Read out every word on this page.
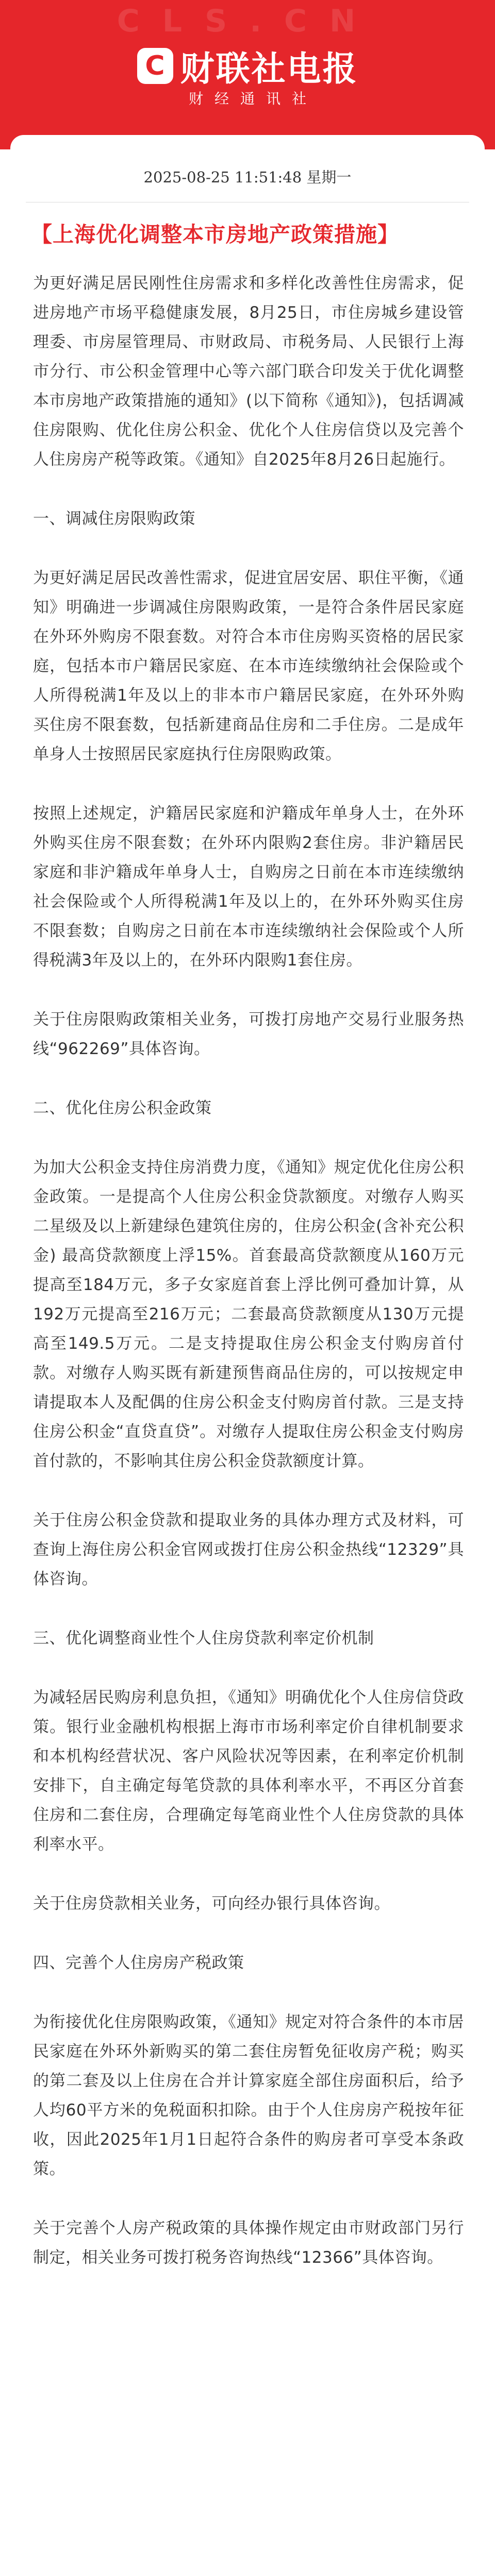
CLS.CN
C 财联社电报
财经通讯社
2025-08-25 11:51:48 星期一
【上海优化调整本市房地产政策措施】

为更好满足居民刚性住房需求和多样化改善性住房需求，促进房地产市场平稳健康发展，8月25日，市住房城乡建设管理委、市房屋管理局、市财政局、市税务局、人民银行上海市分行、市公积金管理中心等六部门联合印发关于优化调整本市房地产政策措施的通知》(以下简称《通知》)，包括调减住房限购、优化住房公积金、优化个人住房信贷以及完善个人住房房产税等政策。《通知》自2025年8月26日起施行。

一、调减住房限购政策

为更好满足居民改善性需求，促进宜居安居、职住平衡，《通知》明确进一步调减住房限购政策，一是符合条件居民家庭在外环外购房不限套数。对符合本市住房购买资格的居民家庭，包括本市户籍居民家庭、在本市连续缴纳社会保险或个人所得税满1年及以上的非本市户籍居民家庭，在外环外购买住房不限套数，包括新建商品住房和二手住房。二是成年单身人士按照居民家庭执行住房限购政策。

按照上述规定，沪籍居民家庭和沪籍成年单身人士，在外环外购买住房不限套数；在外环内限购2套住房。非沪籍居民家庭和非沪籍成年单身人士，自购房之日前在本市连续缴纳社会保险或个人所得税满1年及以上的，在外环外购买住房不限套数；自购房之日前在本市连续缴纳社会保险或个人所得税满3年及以上的，在外环内限购1套住房。

关于住房限购政策相关业务，可拨打房地产交易行业服务热线“962269”具体咨询。

二、优化住房公积金政策

为加大公积金支持住房消费力度，《通知》规定优化住房公积金政策。一是提高个人住房公积金贷款额度。对缴存人购买二星级及以上新建绿色建筑住房的，住房公积金(含补充公积金) 最高贷款额度上浮15%。首套最高贷款额度从160万元提高至184万元，多子女家庭首套上浮比例可叠加计算，从192万元提高至216万元；二套最高贷款额度从130万元提高至149.5万元。二是支持提取住房公积金支付购房首付款。对缴存人购买既有新建预售商品住房的，可以按规定申请提取本人及配偶的住房公积金支付购房首付款。三是支持住房公积金“直贷直贷”。对缴存人提取住房公积金支付购房首付款的，不影响其住房公积金贷款额度计算。

关于住房公积金贷款和提取业务的具体办理方式及材料，可查询上海住房公积金官网或拨打住房公积金热线“12329”具体咨询。

三、优化调整商业性个人住房贷款利率定价机制

为减轻居民购房利息负担，《通知》明确优化个人住房信贷政策。银行业金融机构根据上海市市场利率定价自律机制要求和本机构经营状况、客户风险状况等因素，在利率定价机制安排下，自主确定每笔贷款的具体利率水平，不再区分首套住房和二套住房，合理确定每笔商业性个人住房贷款的具体利率水平。

关于住房贷款相关业务，可向经办银行具体咨询。

四、完善个人住房房产税政策

为衔接优化住房限购政策，《通知》规定对符合条件的本市居民家庭在外环外新购买的第二套住房暂免征收房产税；购买的第二套及以上住房在合并计算家庭全部住房面积后，给予人均60平方米的免税面积扣除。由于个人住房房产税按年征收，因此2025年1月1日起符合条件的购房者可享受本条政策。

关于完善个人房产税政策的具体操作规定由市财政部门另行制定，相关业务可拨打税务咨询热线“12366”具体咨询。
